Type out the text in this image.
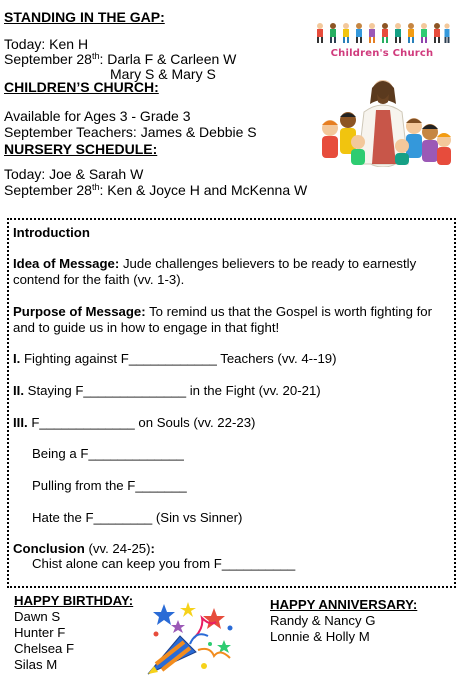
STANDING IN THE GAP:
Today: Ken H
September 28th: Darla F & Carleen W
Mary S & Mary S
CHILDREN’S CHURCH:
Available for Ages 3 - Grade 3
September Teachers: James & Debbie S
NURSERY SCHEDULE:
Today: Joe & Sarah W
September 28th: Ken & Joyce H and McKenna W
Children's Church
Introduction
Idea of Message: Jude challenges believers to be ready to earnestly
contend for the faith (vv. 1-3).
Purpose of Message: To remind us that the Gospel is worth fighting for
and to guide us in how to engage in that fight!
I. Fighting against F____________ Teachers (vv. 4--19)
II. Staying F______________ in the Fight (vv. 20-21)
III. F_____________ on Souls (vv. 22-23)
Being a F_____________
Pulling from the F_______
Hate the F________ (Sin vs Sinner)
Conclusion (vv. 24-25):
Chist alone can keep you from F__________
HAPPY BIRTHDAY:
Dawn S
Hunter F
Chelsea F
Silas M
HAPPY ANNIVERSARY:
Randy & Nancy G
Lonnie & Holly M
